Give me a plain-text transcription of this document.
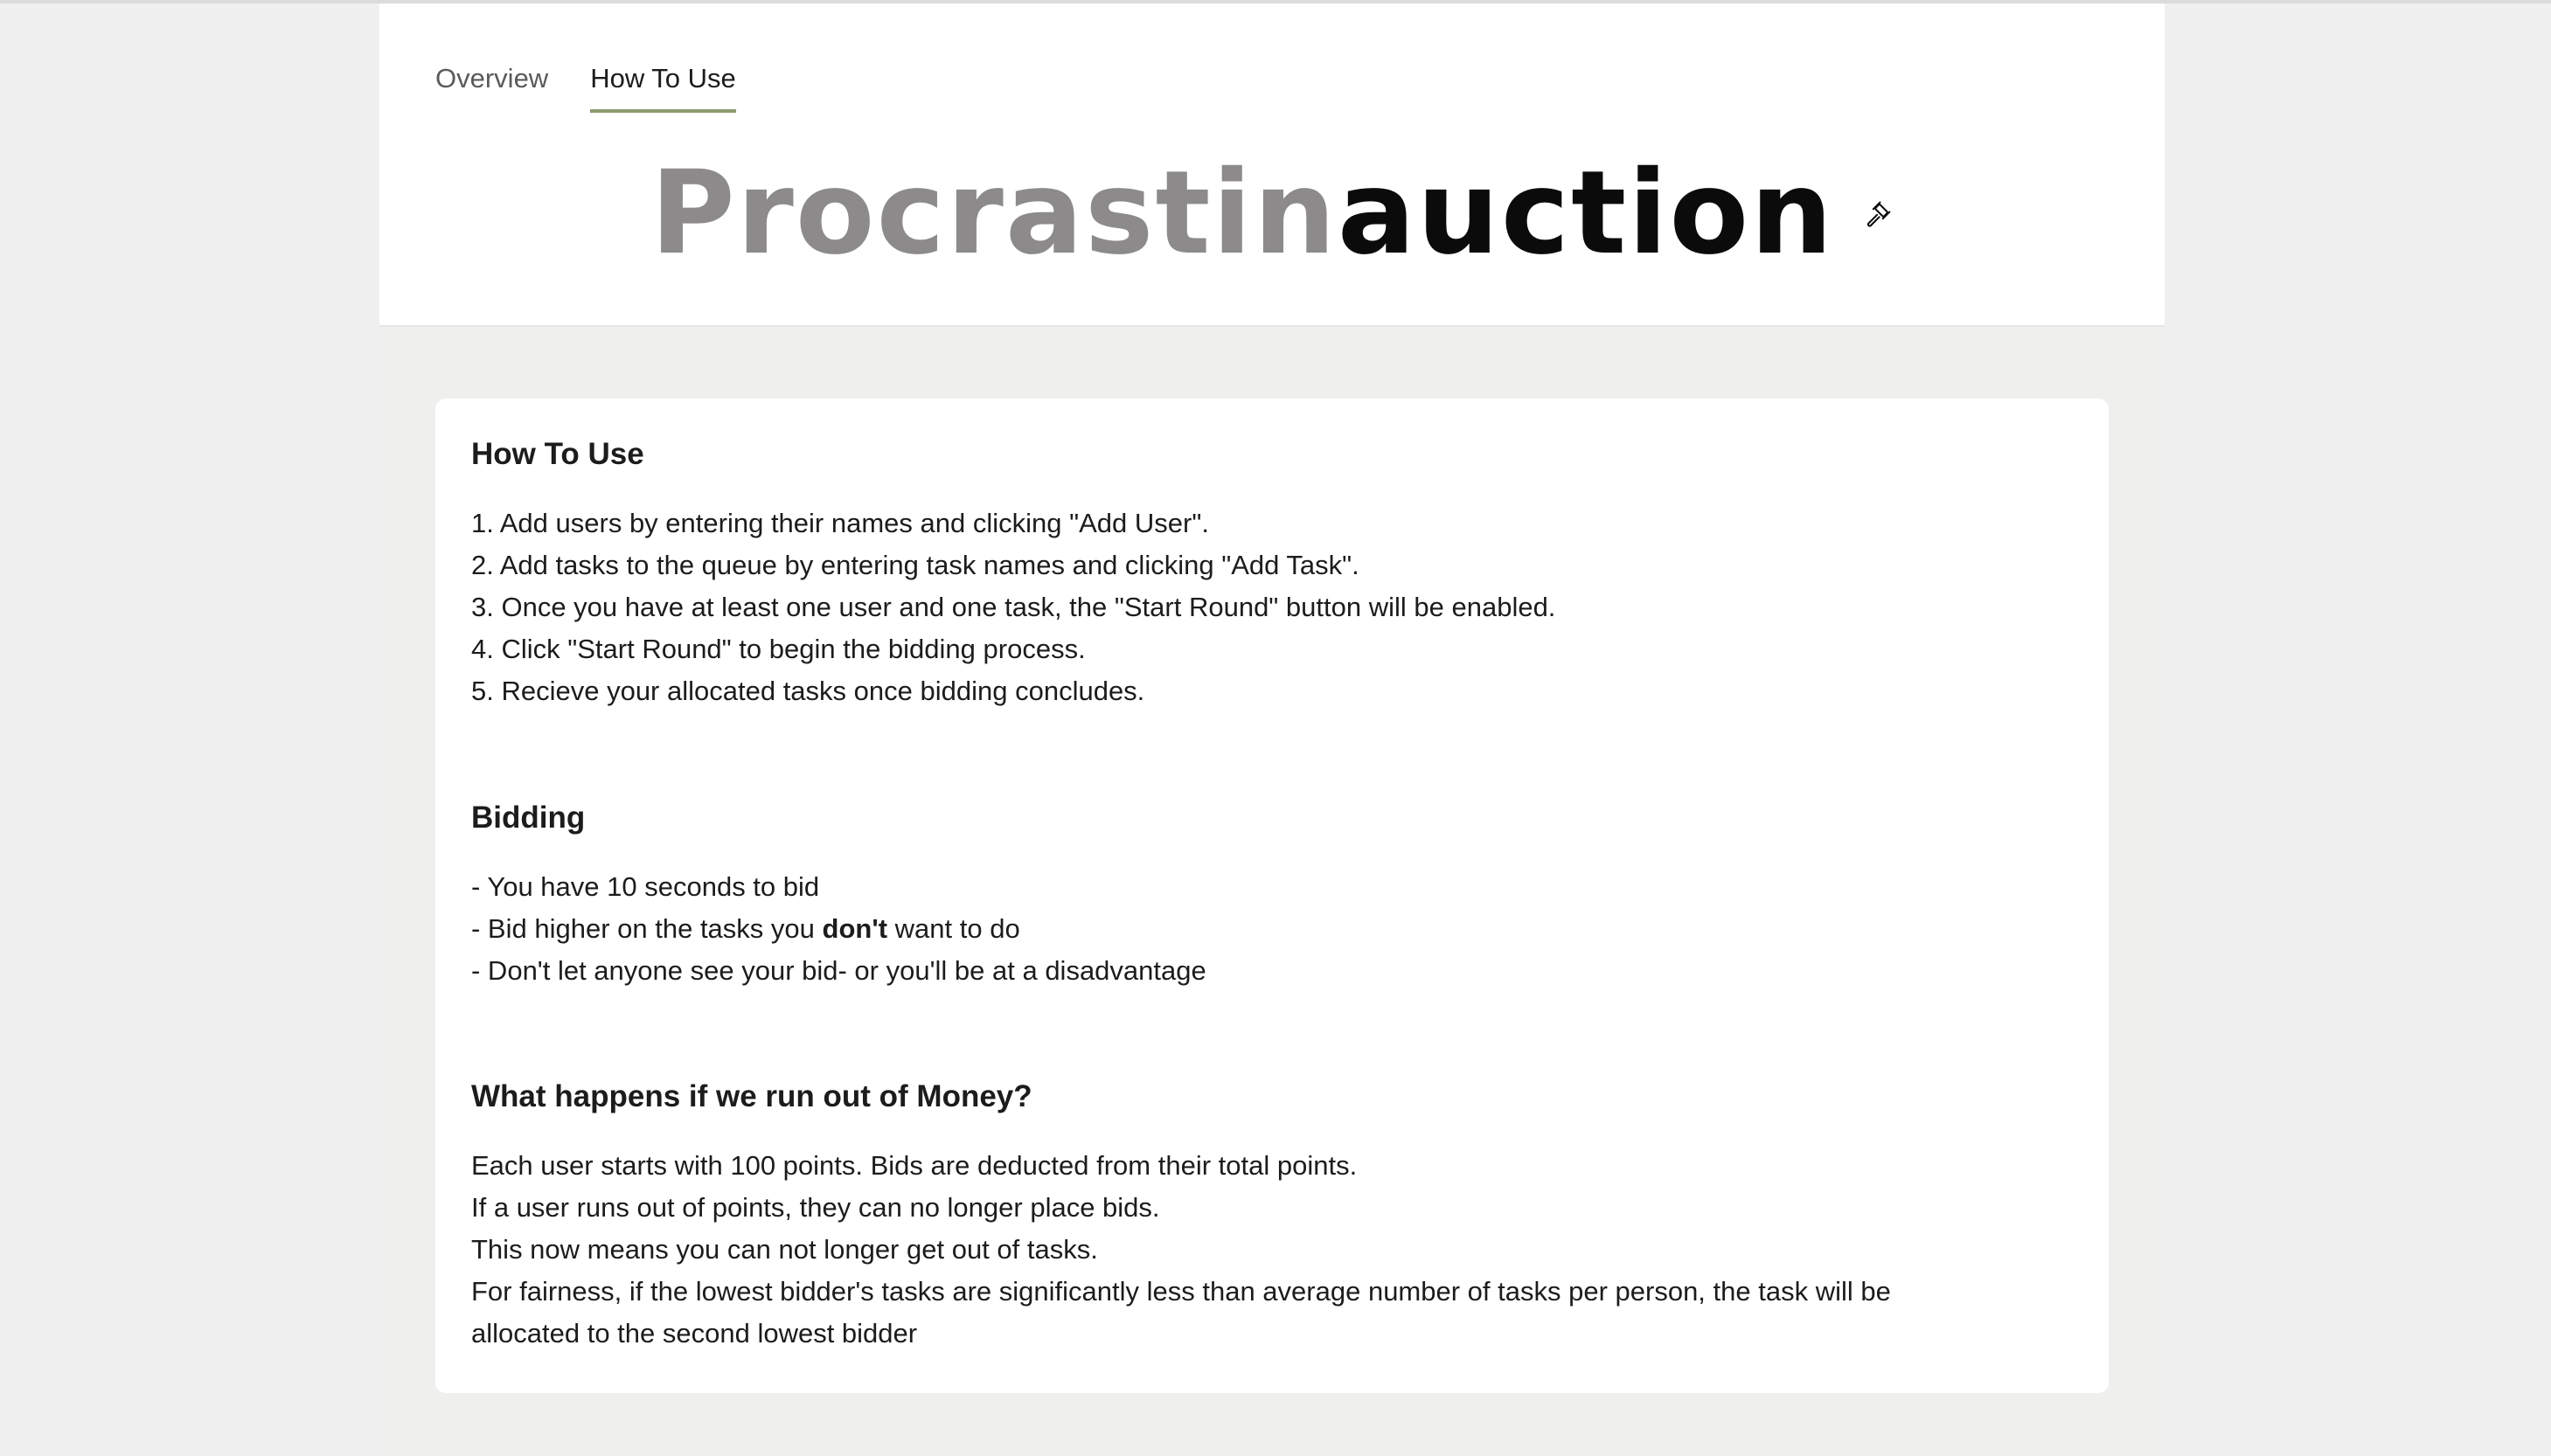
Overview How To Use
Procrastinauction
How To Use
1. Add users by entering their names and clicking "Add User".
2. Add tasks to the queue by entering task names and clicking "Add Task".
3. Once you have at least one user and one task, the "Start Round" button will be enabled.
4. Click "Start Round" to begin the bidding process.
5. Recieve your allocated tasks once bidding concludes.
Bidding
- You have 10 seconds to bid
- Bid higher on the tasks you don't want to do
- Don't let anyone see your bid- or you'll be at a disadvantage
What happens if we run out of Money?
Each user starts with 100 points. Bids are deducted from their total points.
If a user runs out of points, they can no longer place bids.
This now means you can not longer get out of tasks.
For fairness, if the lowest bidder's tasks are significantly less than average number of tasks per person, the task will be
allocated to the second lowest bidder
